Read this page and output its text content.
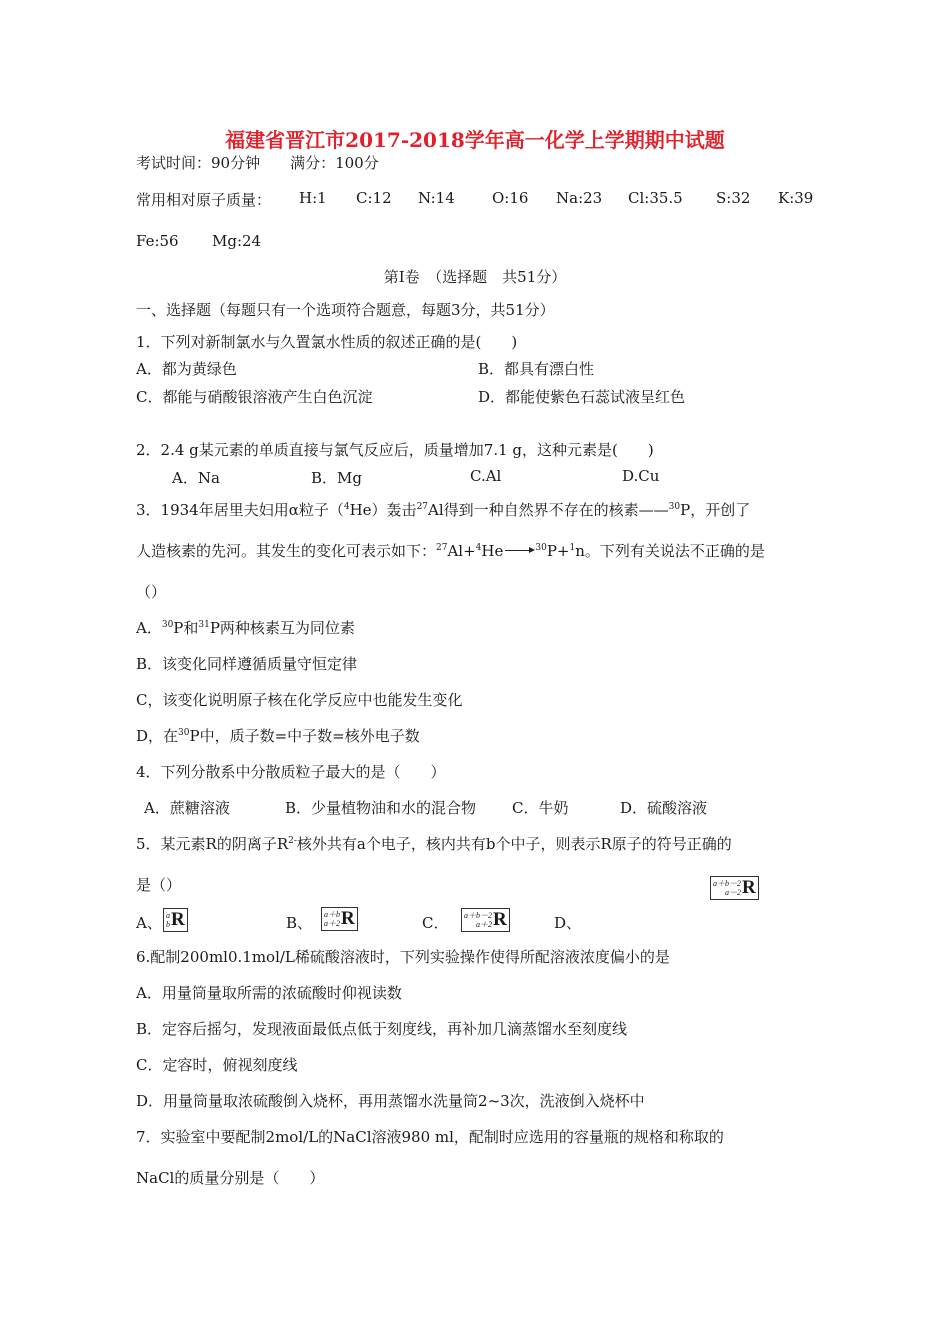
福建省晋江市2017-2018学年高一化学上学期期中试题
考试时间：90分钟　　满分：100分
常用相对原子质量： H:1 C:12 N:14 O:16 Na:23 Cl:35.5 S:32 K:39
Fe:56 Mg:24
第Ⅰ卷　（选择题　共51分）
一、选择题（每题只有一个选项符合题意，每题3分，共51分）
1．下列对新制氯水与久置氯水性质的叙述正确的是(　　)
A．都为黄绿色	B．都具有漂白性
C．都能与硝酸银溶液产生白色沉淀	D．都能使紫色石蕊试液呈红色
2．2.4 g某元素的单质直接与氯气反应后，质量增加7.1 g，这种元素是(　　)
A．Na	B．Mg	C.Al	D.Cu
3．1934年居里夫妇用α粒子（$^4$He）轰击$^{27}$Al得到一种自然界不存在的核素——$^{30}$P，开创了
人造核素的先河。其发生的变化可表示如下：$^{27}$Al+$^4$He → $^{30}$P+$^1$n。下列有关说法不正确的是
（）
A．$^{30}$P和$^{31}$P两种核素互为同位素
B．该变化同样遵循质量守恒定律
C，该变化说明原子核在化学反应中也能发生变化
D，在$^{30}$P中，质子数=中子数=核外电子数
4．下列分散系中分散质粒子最大的是（　　）
A．蔗糖溶液	B．少量植物油和水的混合物 C．牛奶	D．硫酸溶液
5．某元素R的阴离子$R^{2-}$核外共有a个电子，核内共有b个中子，则表示R原子的符号正确的
是（）	a＋b－2
a－2 R
A、 a
b R	B、 a＋b
a＋2 R	C． a＋b－2
a＋2 R	D、
6.配制200ml0.1mol/L稀硫酸溶液时，下列实验操作使得所配溶液浓度偏小的是
A．用量筒量取所需的浓硫酸时仰视读数
B．定容后摇匀，发现液面最低点低于刻度线，再补加几滴蒸馏水至刻度线
C．定容时，俯视刻度线
D．用量筒量取浓硫酸倒入烧杯，再用蒸馏水洗量筒2~3次，洗液倒入烧杯中
7．实验室中要配制2mol/L的NaCl溶液980 ml，配制时应选用的容量瓶的规格和称取的
NaCl的质量分别是（　　）
